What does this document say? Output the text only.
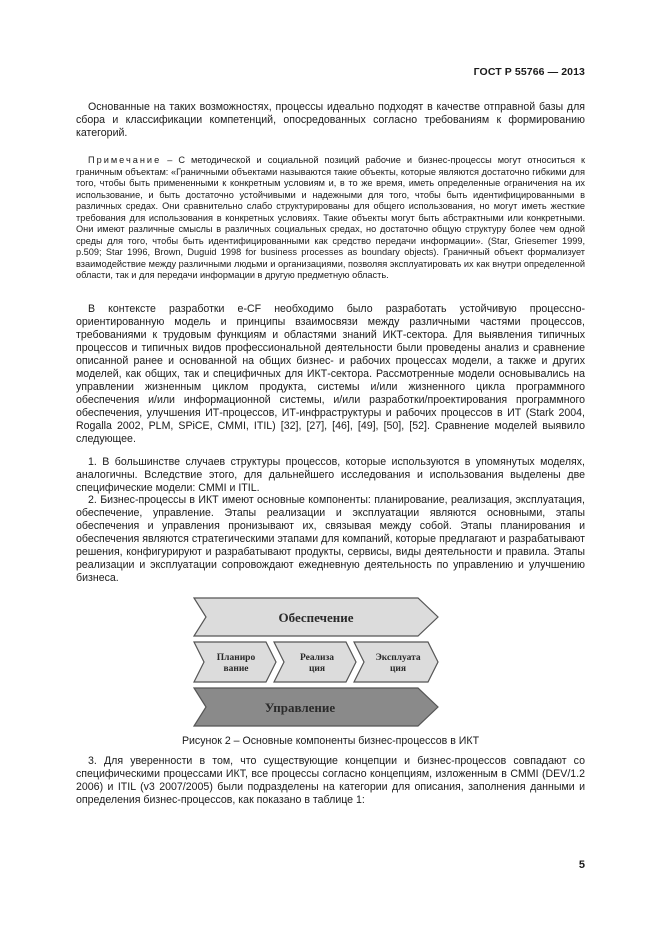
ГОСТ Р 55766 — 2013

Основанные на таких возможностях, процессы идеально подходят в качестве отправной базы для сбора и классификации компетенций, опосредованных согласно требованиям к формированию категорий.

Примечание – С методической и социальной позиций рабочие и бизнес-процессы могут относиться к граничным объектам: «Граничными объектами называются такие объекты, которые являются достаточно гибкими для того, чтобы быть примененными к конкретным условиям и, в то же время, иметь определенные ограничения на их использование, и быть достаточно устойчивыми и надежными для того, чтобы быть идентифицированными в различных средах. Они сравнительно слабо структурированы для общего использования, но могут иметь жесткие требования для использования в конкретных условиях. Такие объекты могут быть абстрактными или конкретными. Они имеют различные смыслы в различных социальных средах, но достаточно общую структуру более чем одной среды для того, чтобы быть идентифицированными как средство передачи информации». (Star, Griesemer 1999, p.509; Star 1996, Brown, Duguid 1998 for business processes as boundary objects). Граничный объект формализует взаимодействие между различными людьми и организациями, позволяя эксплуатировать их как внутри определенной области, так и для передачи информации в другую предметную область.

В контексте разработки e-CF необходимо было разработать устойчивую процессно-ориентированную модель и принципы взаимосвязи между различными частями процессов, требованиями к трудовым функциям и областями знаний ИКТ-сектора. Для выявления типичных процессов и типичных видов профессиональной деятельности были проведены анализ и сравнение описанной ранее и основанной на общих бизнес- и рабочих процессах модели, а также и других моделей, как общих, так и специфичных для ИКТ-сектора. Рассмотренные модели основывались на управлении жизненным циклом продукта, системы и/или жизненного цикла программного обеспечения и/или информационной системы, и/или разработки/проектирования программного обеспечения, улучшения ИТ-процессов, ИТ-инфраструктуры и рабочих процессов в ИТ (Stark 2004, Rogalla 2002, PLM, SPiCE, CMMI, ITIL) [32], [27], [46], [49], [50], [52]. Сравнение моделей выявило следующее.

1. В большинстве случаев структуры процессов, которые используются в упомянутых моделях, аналогичны. Вследствие этого, для дальнейшего исследования и использования выделены две специфические модели: CMMI и ITIL.

2. Бизнес-процессы в ИКТ имеют основные компоненты: планирование, реализация, эксплуатация, обеспечение, управление. Этапы реализации и эксплуатации являются основными, этапы обеспечения и управления пронизывают их, связывая между собой. Этапы планирования и обеспечения являются стратегическими этапами для компаний, которые предлагают и разрабатывают решения, конфигурируют и разрабатывают продукты, сервисы, виды деятельности и правила. Этапы реализации и эксплуатации сопровождают ежедневную деятельность по управлению и улучшению бизнеса.

Обеспечение
Планиро
вание
Реализа
ция
Эксплуата
ция
Управление
Рисунок 2 – Основные компоненты бизнес-процессов в ИКТ

3. Для уверенности в том, что существующие концепции и бизнес-процессов совпадают со специфическими процессами ИКТ, все процессы согласно концепциям, изложенным в CMMI (DEV/1.2 2006) и ITIL (v3 2007/2005) были подразделены на категории для описания, заполнения данными и определения бизнес-процессов, как показано в таблице 1:

5
